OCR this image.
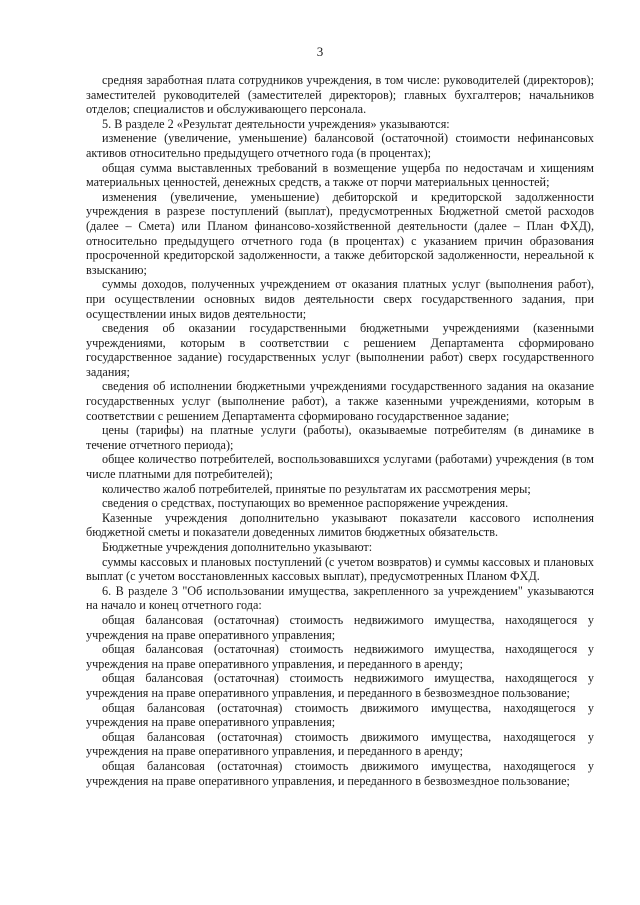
3

средняя заработная плата сотрудников учреждения, в том числе: руководителей (директоров); заместителей руководителей (заместителей директоров); главных бухгалтеров; начальников отделов; специалистов и обслуживающего персонала.

5. В разделе 2 «Результат деятельности учреждения» указываются:

изменение (увеличение, уменьшение) балансовой (остаточной) стоимости нефинансовых активов относительно предыдущего отчетного года (в процентах);

общая сумма выставленных требований в возмещение ущерба по недостачам и хищениям материальных ценностей, денежных средств, а также от порчи материальных ценностей;

изменения (увеличение, уменьшение) дебиторской и кредиторской задолженности учреждения в разрезе поступлений (выплат), предусмотренных Бюджетной сметой расходов (далее – Смета) или Планом финансово-хозяйственной деятельности (далее – План ФХД), относительно предыдущего отчетного года (в процентах) с указанием причин образования просроченной кредиторской задолженности, а также дебиторской задолженности, нереальной к взысканию;

суммы доходов, полученных учреждением от оказания платных услуг (выполнения работ), при осуществлении основных видов деятельности сверх государственного задания, при осуществлении иных видов деятельности;

сведения об оказании государственными бюджетными учреждениями (казенными учреждениями, которым в соответствии с решением Департамента сформировано государственное задание) государственных услуг (выполнении работ) сверх государственного задания;

сведения об исполнении бюджетными учреждениями государственного задания на оказание государственных услуг (выполнение работ), а также казенными учреждениями, которым в соответствии с решением Департамента сформировано государственное задание;

цены (тарифы) на платные услуги (работы), оказываемые потребителям (в динамике в течение отчетного периода);

общее количество потребителей, воспользовавшихся услугами (работами) учреждения (в том числе платными для потребителей);

количество жалоб потребителей, принятые по результатам их рассмотрения меры;

сведения о средствах, поступающих во временное распоряжение учреждения.

Казенные учреждения дополнительно указывают показатели кассового исполнения бюджетной сметы и показатели доведенных лимитов бюджетных обязательств.

Бюджетные учреждения дополнительно указывают:

суммы кассовых и плановых поступлений (с учетом возвратов) и суммы кассовых и плановых выплат (с учетом восстановленных кассовых выплат), предусмотренных Планом ФХД.

6. В разделе 3 "Об использовании имущества, закрепленного за учреждением" указываются на начало и конец отчетного года:

общая балансовая (остаточная) стоимость недвижимого имущества, находящегося у учреждения на праве оперативного управления;

общая балансовая (остаточная) стоимость недвижимого имущества, находящегося у учреждения на праве оперативного управления, и переданного в аренду;

общая балансовая (остаточная) стоимость недвижимого имущества, находящегося у учреждения на праве оперативного управления, и переданного в безвозмездное пользование;

общая балансовая (остаточная) стоимость движимого имущества, находящегося у учреждения на праве оперативного управления;

общая балансовая (остаточная) стоимость движимого имущества, находящегося у учреждения на праве оперативного управления, и переданного в аренду;

общая балансовая (остаточная) стоимость движимого имущества, находящегося у учреждения на праве оперативного управления, и переданного в безвозмездное пользование;
